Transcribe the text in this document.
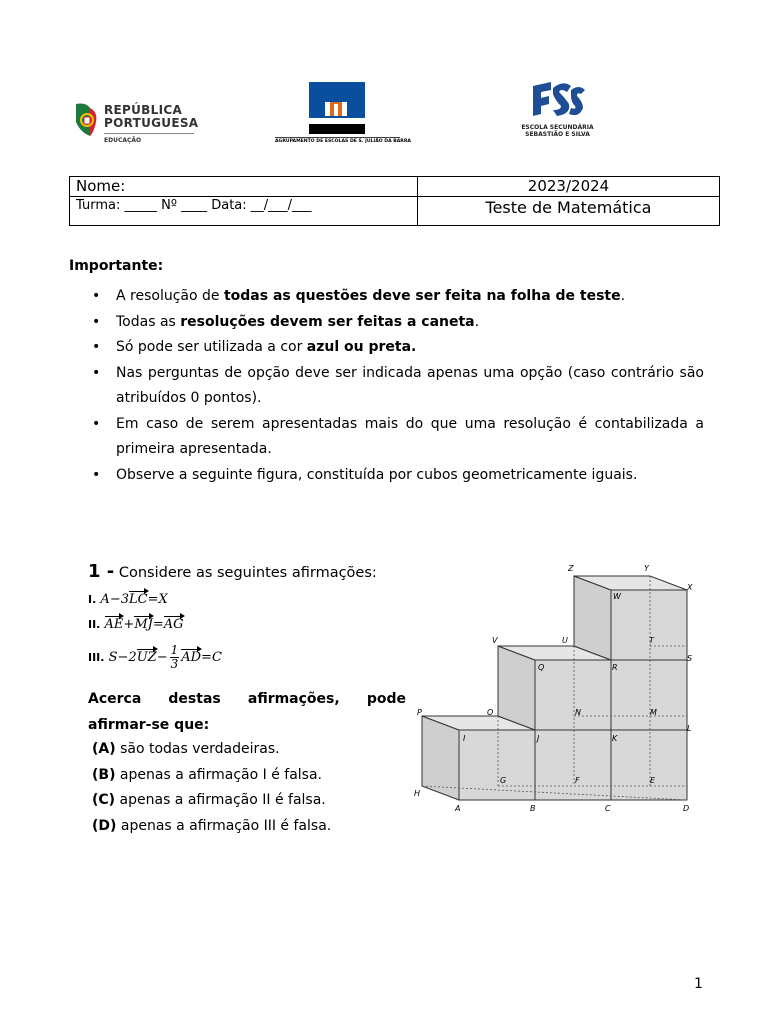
REPÚBLICA
PORTUGUESA
EDUCAÇÃO	AGRUPAMENTO DE ESCOLAS DE S. JULIÃO DA BARRA
ESCOLA SECUNDÁRIA
SEBASTIÃO E SILVA
Nome:	2023/2024
Turma: _____ Nº ____ Data: __/___/___	Teste de Matemática
Importante:
• A resolução de todas as questões deve ser feita na folha de teste.
• Todas as resoluções devem ser feitas a caneta.
• Só pode ser utilizada a cor azul ou preta.
• Nas perguntas de opção deve ser indicada apenas uma opção (caso contrário são atribuídos 0 pontos).
• Em caso de serem apresentadas mais do que uma resolução é contabilizada a primeira apresentada.
• Observe a seguinte figura, constituída por cubos geometricamente iguais.
1 - Considere as seguintes afirmações:
I. A−3LC=X
II. AE+MJ=AG
III. $S-2UZ- \frac{1}{3} AD=C$
Acerca destas afirmações, pode
afirmar-se que:
(A) são todas verdadeiras.
(B) apenas a afirmação I é falsa.
(C) apenas a afirmação II é falsa.
(D) apenas a afirmação III é falsa.
Z	Y
X
W
V	U	T
S
Q	R
P	O	N	M
L
I	J	K
G	F	E
H
A	B	C	D
1
